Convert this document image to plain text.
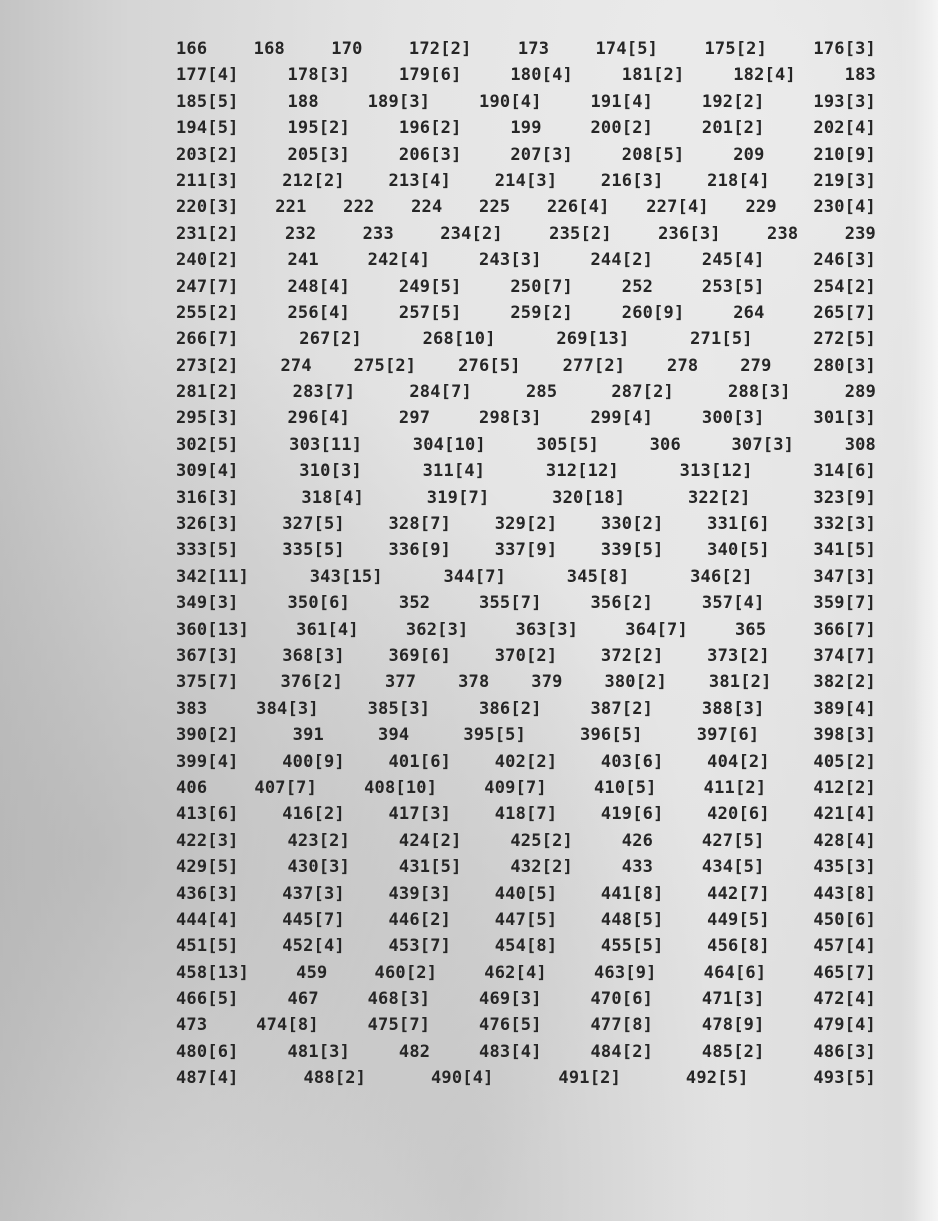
166 168 170 172[2] 173 174[5] 175[2] 176[3]
177[4] 178[3] 179[6] 180[4] 181[2] 182[4] 183
185[5] 188 189[3] 190[4] 191[4] 192[2] 193[3]
194[5] 195[2] 196[2] 199 200[2] 201[2] 202[4]
203[2] 205[3] 206[3] 207[3] 208[5] 209 210[9]
211[3] 212[2] 213[4] 214[3] 216[3] 218[4] 219[3]
220[3] 221 222 224 225 226[4] 227[4] 229 230[4]
231[2] 232 233 234[2] 235[2] 236[3] 238 239
240[2] 241 242[4] 243[3] 244[2] 245[4] 246[3]
247[7] 248[4] 249[5] 250[7] 252 253[5] 254[2]
255[2] 256[4] 257[5] 259[2] 260[9] 264 265[7]
266[7] 267[2] 268[10] 269[13] 271[5] 272[5]
273[2] 274 275[2] 276[5] 277[2] 278 279 280[3]
281[2] 283[7] 284[7] 285 287[2] 288[3] 289
295[3] 296[4] 297 298[3] 299[4] 300[3] 301[3]
302[5] 303[11] 304[10] 305[5] 306 307[3] 308
309[4] 310[3] 311[4] 312[12] 313[12] 314[6]
316[3] 318[4] 319[7] 320[18] 322[2] 323[9]
326[3] 327[5] 328[7] 329[2] 330[2] 331[6] 332[3]
333[5] 335[5] 336[9] 337[9] 339[5] 340[5] 341[5]
342[11] 343[15] 344[7] 345[8] 346[2] 347[3]
349[3] 350[6] 352 355[7] 356[2] 357[4] 359[7]
360[13] 361[4] 362[3] 363[3] 364[7] 365 366[7]
367[3] 368[3] 369[6] 370[2] 372[2] 373[2] 374[7]
375[7] 376[2] 377 378 379 380[2] 381[2] 382[2]
383 384[3] 385[3] 386[2] 387[2] 388[3] 389[4]
390[2] 391 394 395[5] 396[5] 397[6] 398[3]
399[4] 400[9] 401[6] 402[2] 403[6] 404[2] 405[2]
406 407[7] 408[10] 409[7] 410[5] 411[2] 412[2]
413[6] 416[2] 417[3] 418[7] 419[6] 420[6] 421[4]
422[3] 423[2] 424[2] 425[2] 426 427[5] 428[4]
429[5] 430[3] 431[5] 432[2] 433 434[5] 435[3]
436[3] 437[3] 439[3] 440[5] 441[8] 442[7] 443[8]
444[4] 445[7] 446[2] 447[5] 448[5] 449[5] 450[6]
451[5] 452[4] 453[7] 454[8] 455[5] 456[8] 457[4]
458[13] 459 460[2] 462[4] 463[9] 464[6] 465[7]
466[5] 467 468[3] 469[3] 470[6] 471[3] 472[4]
473 474[8] 475[7] 476[5] 477[8] 478[9] 479[4]
480[6] 481[3] 482 483[4] 484[2] 485[2] 486[3]
487[4] 488[2] 490[4] 491[2] 492[5] 493[5]
